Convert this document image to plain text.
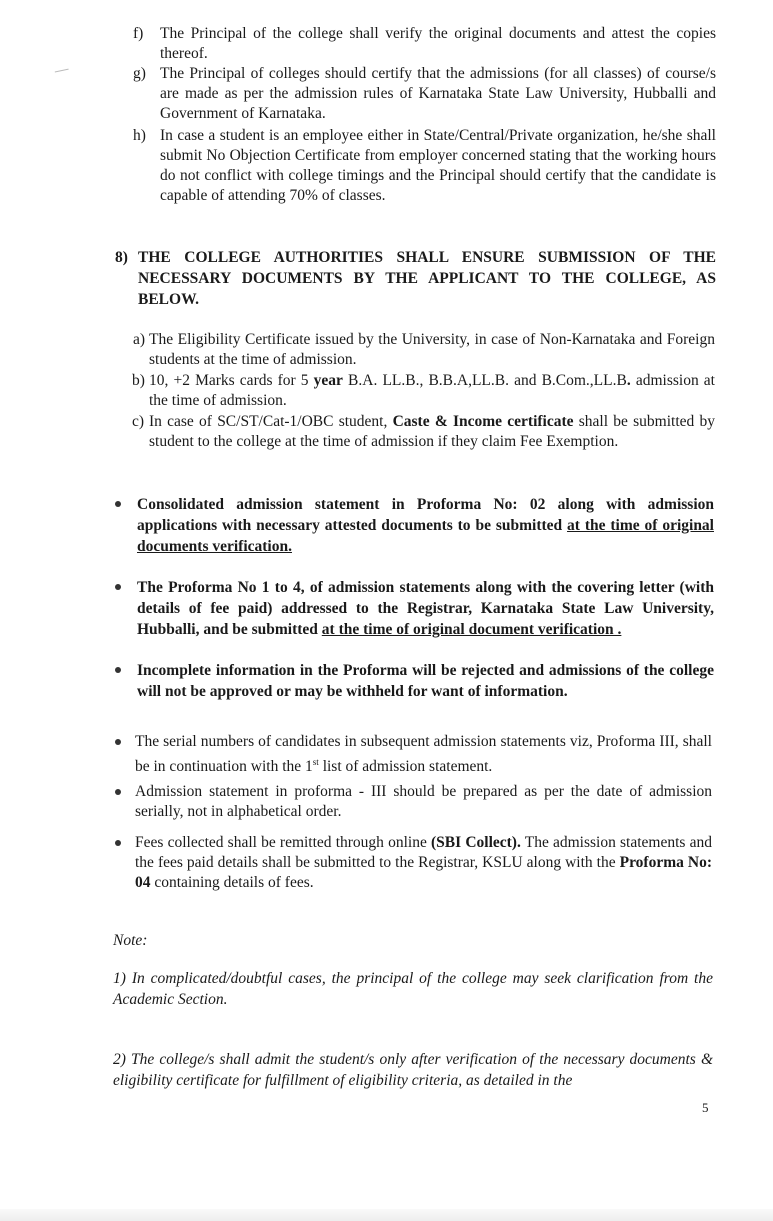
f) The Principal of the college shall verify the original documents and attest the copies thereof.
g) The Principal of colleges should certify that the admissions (for all classes) of course/s are made as per the admission rules of Karnataka State Law University, Hubballi and Government of Karnataka.
h) In case a student is an employee either in State/Central/Private organization, he/she shall submit No Objection Certificate from employer concerned stating that the working hours do not conflict with college timings and the Principal should certify that the candidate is capable of attending 70% of classes.
8) THE COLLEGE AUTHORITIES SHALL ENSURE SUBMISSION OF THE NECESSARY DOCUMENTS BY THE APPLICANT TO THE COLLEGE, AS BELOW.
a) The Eligibility Certificate issued by the University, in case of Non-Karnataka and Foreign students at the time of admission.
b) 10, +2 Marks cards for 5 year B.A. LL.B., B.B.A,LL.B. and B.Com.,LL.B. admission at the time of admission.
c) In case of SC/ST/Cat-1/OBC student, Caste & Income certificate shall be submitted by student to the college at the time of admission if they claim Fee Exemption.
Consolidated admission statement in Proforma No: 02 along with admission applications with necessary attested documents to be submitted at the time of original documents verification.
The Proforma No 1 to 4, of admission statements along with the covering letter (with details of fee paid) addressed to the Registrar, Karnataka State Law University, Hubballi, and be submitted at the time of original document verification .
Incomplete information in the Proforma will be rejected and admissions of the college will not be approved or may be withheld for want of information.
The serial numbers of candidates in subsequent admission statements viz, Proforma III, shall be in continuation with the 1st list of admission statement.
Admission statement in proforma - III should be prepared as per the date of admission serially, not in alphabetical order.
Fees collected shall be remitted through online (SBI Collect). The admission statements and the fees paid details shall be submitted to the Registrar, KSLU along with the Proforma No: 04 containing details of fees.
Note:
1) In complicated/doubtful cases, the principal of the college may seek clarification from the Academic Section.
2) The college/s shall admit the student/s only after verification of the necessary documents & eligibility certificate for fulfillment of eligibility criteria, as detailed in the
5
